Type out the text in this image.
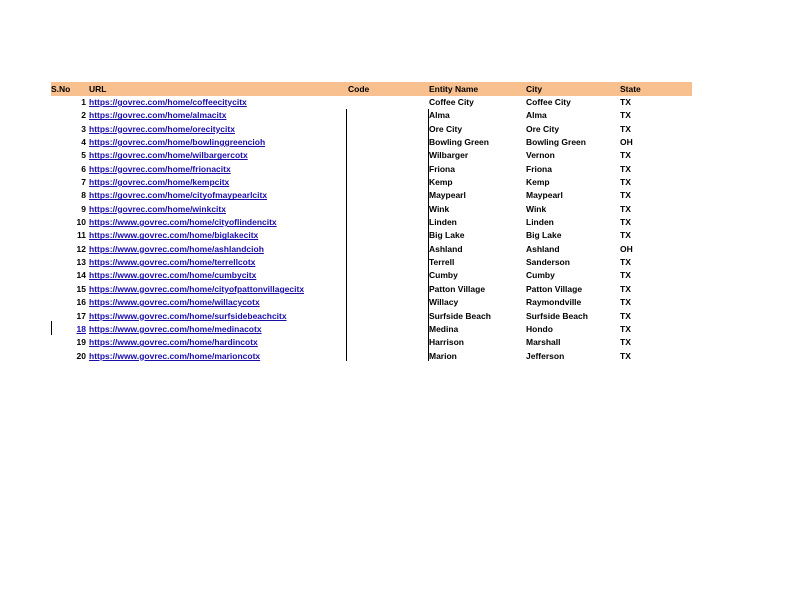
S.No	URL	Code	Entity Name	City	State
1 https://govrec.com/home/coffeecitycitx	Coffee City	Coffee City	TX
2 https://govrec.com/home/almacitx	Alma	Alma	TX
3 https://govrec.com/home/orecitycitx	Ore City	Ore City	TX
4 https://govrec.com/home/bowlinggreencioh	Bowling Green	Bowling Green	OH
5 https://govrec.com/home/wilbargercotx	Wilbarger	Vernon	TX
6 https://govrec.com/home/frionacitx	Friona	Friona	TX
7 https://govrec.com/home/kempcitx	Kemp	Kemp	TX
8 https://govrec.com/home/cityofmaypearlcitx	Maypearl	Maypearl	TX
9 https://govrec.com/home/winkcitx	Wink	Wink	TX
10 https://www.govrec.com/home/cityoflindencitx	Linden	Linden	TX
11 https://www.govrec.com/home/biglakecitx	Big Lake	Big Lake	TX
12 https://www.govrec.com/home/ashlandcioh	Ashland	Ashland	OH
13 https://www.govrec.com/home/terrellcotx	Terrell	Sanderson	TX
14 https://www.govrec.com/home/cumbycitx	Cumby	Cumby	TX
15 https://www.govrec.com/home/cityofpattonvillagecitx	Patton Village	Patton Village	TX
16 https://www.govrec.com/home/willacycotx	Willacy	Raymondville	TX
17 https://www.govrec.com/home/surfsidebeachcitx	Surfside Beach	Surfside Beach	TX
18 https://www.govrec.com/home/medinacotx	Medina	Hondo	TX
19 https://www.govrec.com/home/hardincotx	Harrison	Marshall	TX
20 https://www.govrec.com/home/marioncotx	Marion	Jefferson	TX
